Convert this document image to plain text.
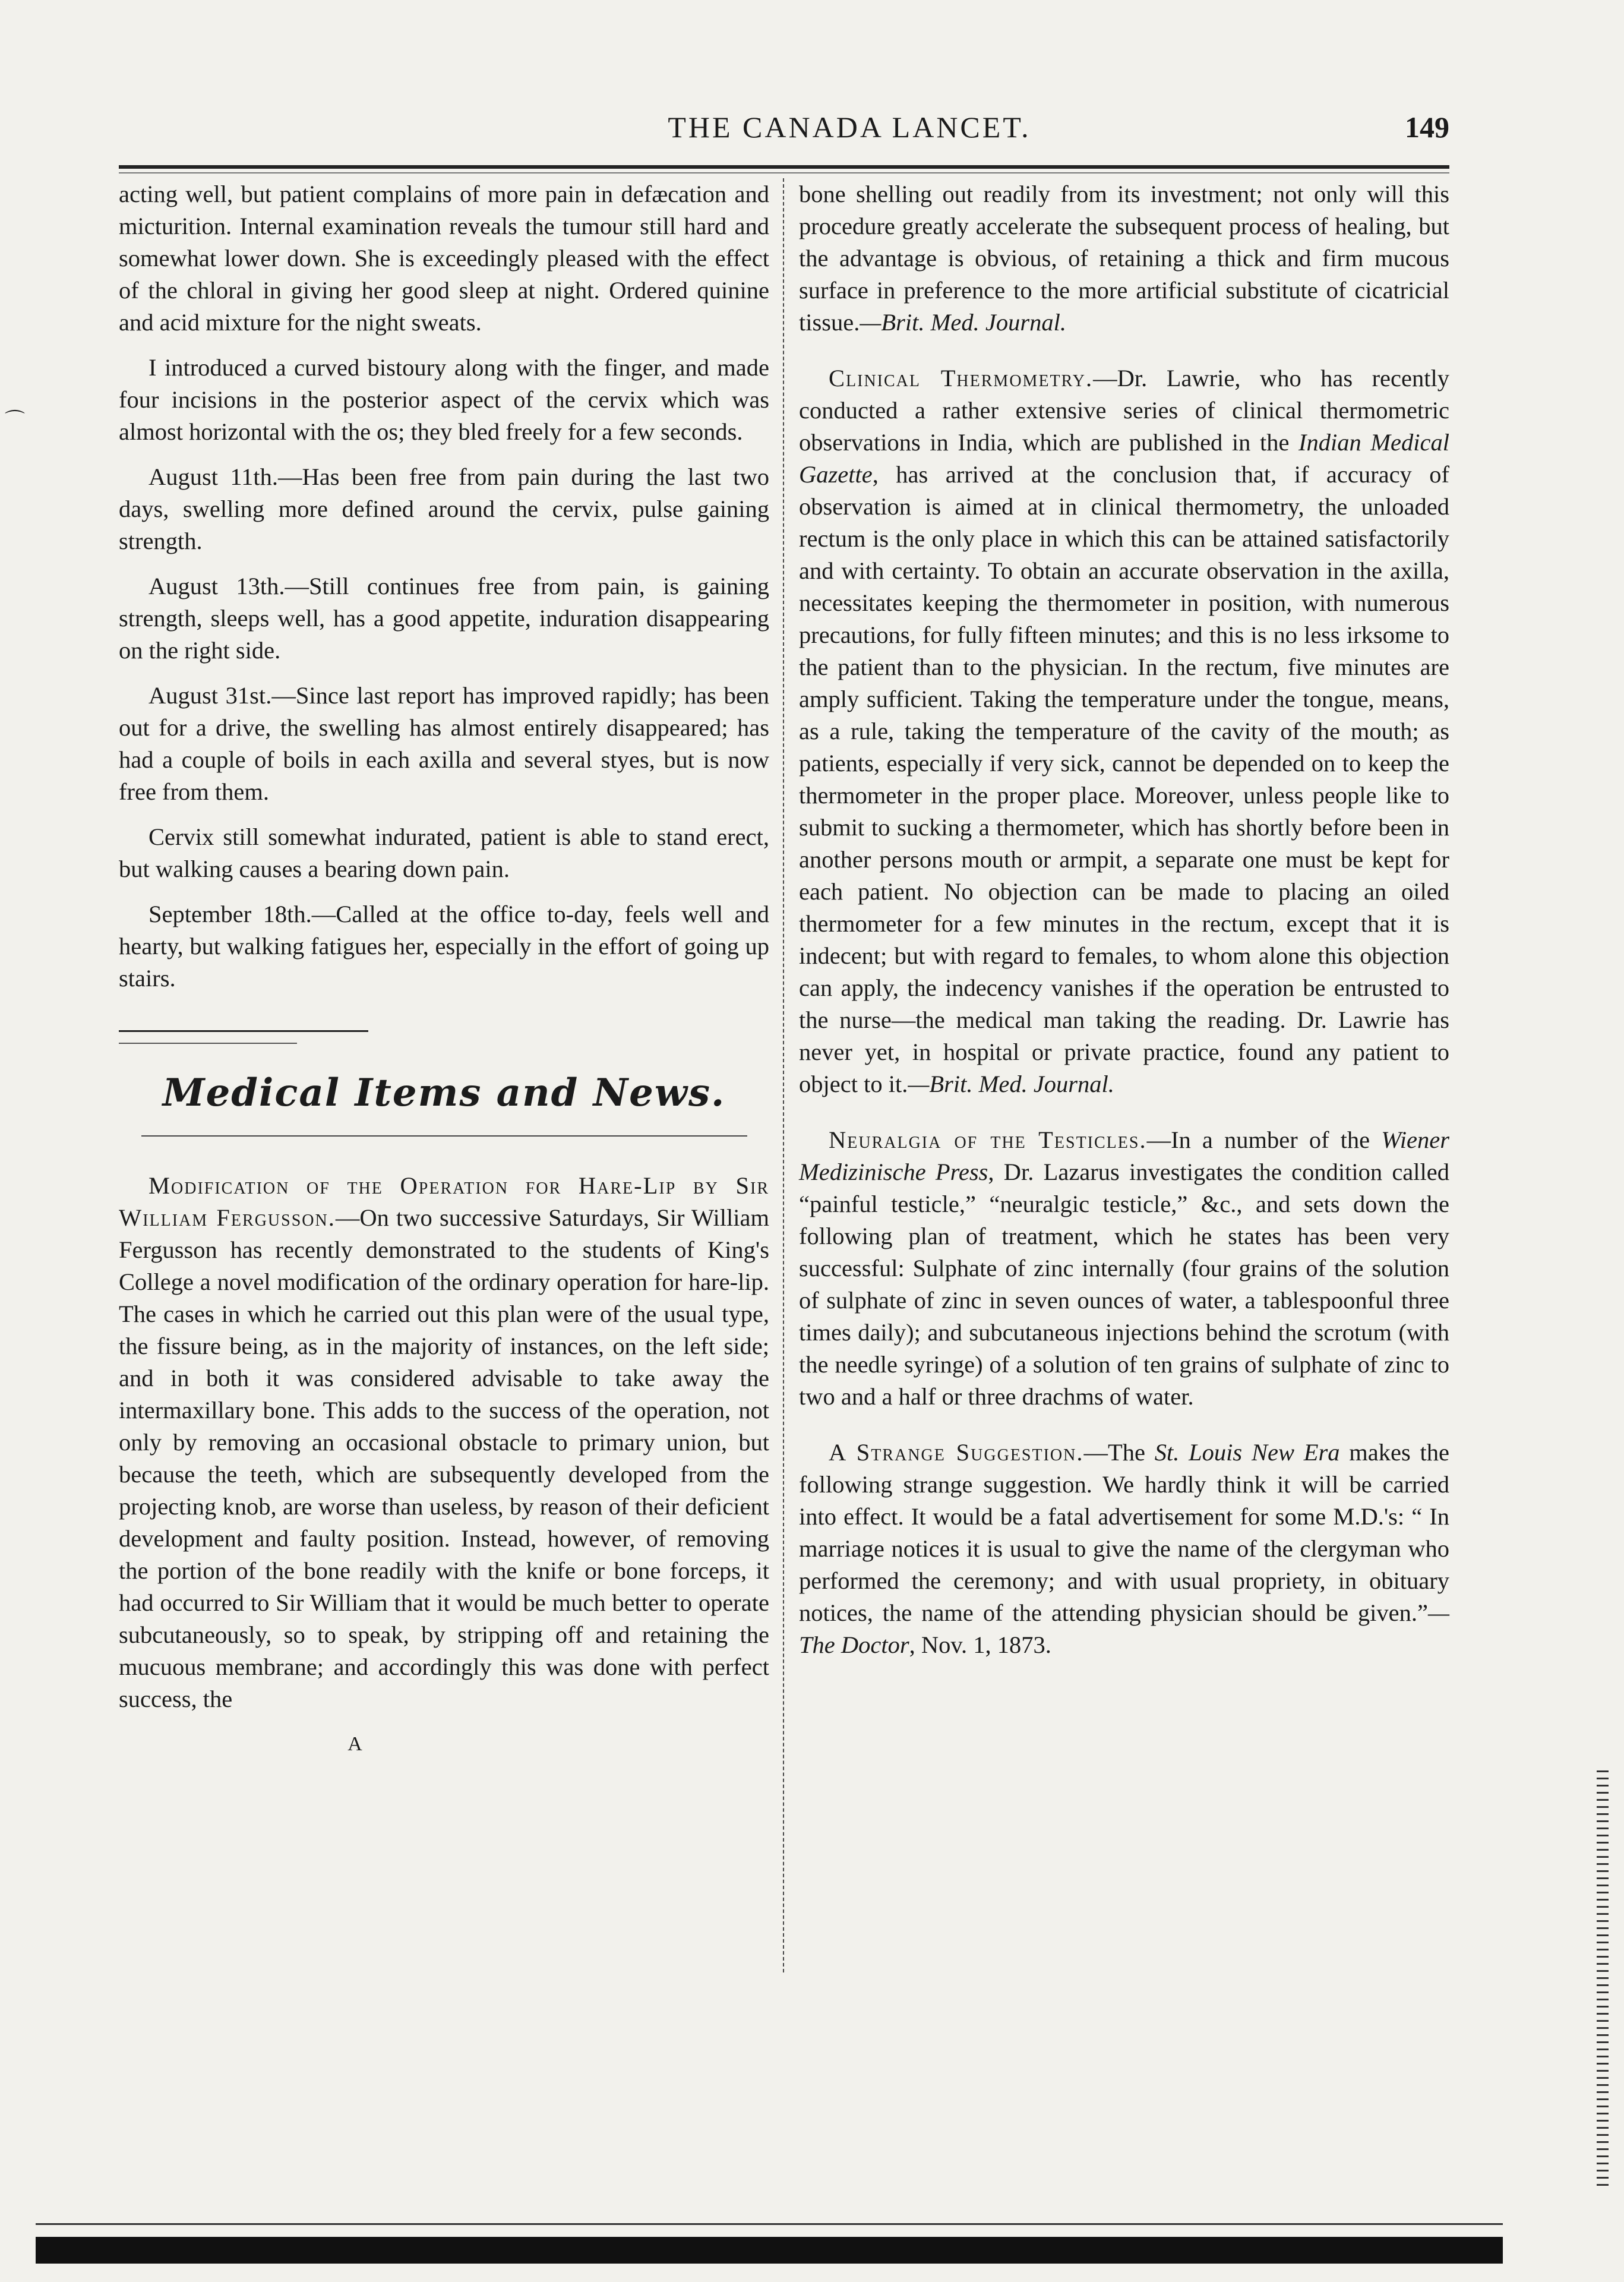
⌒
THE CANADA LANCET.	149

acting well, but patient complains of more pain in defæcation and micturition. Internal examination reveals the tumour still hard and somewhat lower down. She is exceedingly pleased with the effect of the chloral in giving her good sleep at night. Ordered quinine and acid mixture for the night sweats.

I introduced a curved bistoury along with the finger, and made four incisions in the posterior aspect of the cervix which was almost horizontal with the os; they bled freely for a few seconds.

August 11th.—Has been free from pain during the last two days, swelling more defined around the cervix, pulse gaining strength.

August 13th.—Still continues free from pain, is gaining strength, sleeps well, has a good appetite, induration disappearing on the right side.

August 31st.—Since last report has improved rapidly; has been out for a drive, the swelling has almost entirely disappeared; has had a couple of boils in each axilla and several styes, but is now free from them.

Cervix still somewhat indurated, patient is able to stand erect, but walking causes a bearing down pain.

September 18th.—Called at the office to-day, feels well and hearty, but walking fatigues her, especially in the effort of going up stairs.

Medical Items and News.

Modification of the Operation for Hare-Lip by Sir William Fergusson.—On two successive Saturdays, Sir William Fergusson has recently demonstrated to the students of King's College a novel modification of the ordinary operation for hare-lip. The cases in which he carried out this plan were of the usual type, the fissure being, as in the majority of instances, on the left side; and in both it was considered advisable to take away the intermaxillary bone. This adds to the success of the operation, not only by removing an occasional obstacle to primary union, but because the teeth, which are subsequently developed from the projecting knob, are worse than useless, by reason of their deficient development and faulty position. Instead, however, of removing the portion of the bone readily with the knife or bone forceps, it had occurred to Sir William that it would be much better to operate subcutaneously, so to speak, by stripping off and retaining the mucuous membrane; and accordingly this was done with perfect success, the

A

bone shelling out readily from its investment; not only will this procedure greatly accelerate the subsequent process of healing, but the advantage is obvious, of retaining a thick and firm mucous surface in preference to the more artificial substitute of cicatricial tissue.—Brit. Med. Journal.

Clinical Thermometry.—Dr. Lawrie, who has recently conducted a rather extensive series of clinical thermometric observations in India, which are published in the Indian Medical Gazette, has arrived at the conclusion that, if accuracy of observation is aimed at in clinical thermometry, the unloaded rectum is the only place in which this can be attained satisfactorily and with certainty. To obtain an accurate observation in the axilla, necessitates keeping the thermometer in position, with numerous precautions, for fully fifteen minutes; and this is no less irksome to the patient than to the physician. In the rectum, five minutes are amply sufficient. Taking the temperature under the tongue, means, as a rule, taking the temperature of the cavity of the mouth; as patients, especially if very sick, cannot be depended on to keep the thermometer in the proper place. Moreover, unless people like to submit to sucking a thermometer, which has shortly before been in another persons mouth or armpit, a separate one must be kept for each patient. No objection can be made to placing an oiled thermometer for a few minutes in the rectum, except that it is indecent; but with regard to females, to whom alone this objection can apply, the indecency vanishes if the operation be entrusted to the nurse—the medical man taking the reading. Dr. Lawrie has never yet, in hospital or private practice, found any patient to object to it.—Brit. Med. Journal.

Neuralgia of the Testicles.—In a number of the Wiener Medizinische Press, Dr. Lazarus investigates the condition called “painful testicle,” “neuralgic testicle,” &c., and sets down the following plan of treatment, which he states has been very successful: Sulphate of zinc internally (four grains of the solution of sulphate of zinc in seven ounces of water, a tablespoonful three times daily); and subcutaneous injections behind the scrotum (with the needle syringe) of a solution of ten grains of sulphate of zinc to two and a half or three drachms of water.

A Strange Suggestion.—The St. Louis New Era makes the following strange suggestion. We hardly think it will be carried into effect. It would be a fatal advertisement for some M.D.'s: “ In marriage notices it is usual to give the name of the clergyman who performed the ceremony; and with usual propriety, in obituary notices, the name of the attending physician should be given.”—The Doctor, Nov. 1, 1873.
